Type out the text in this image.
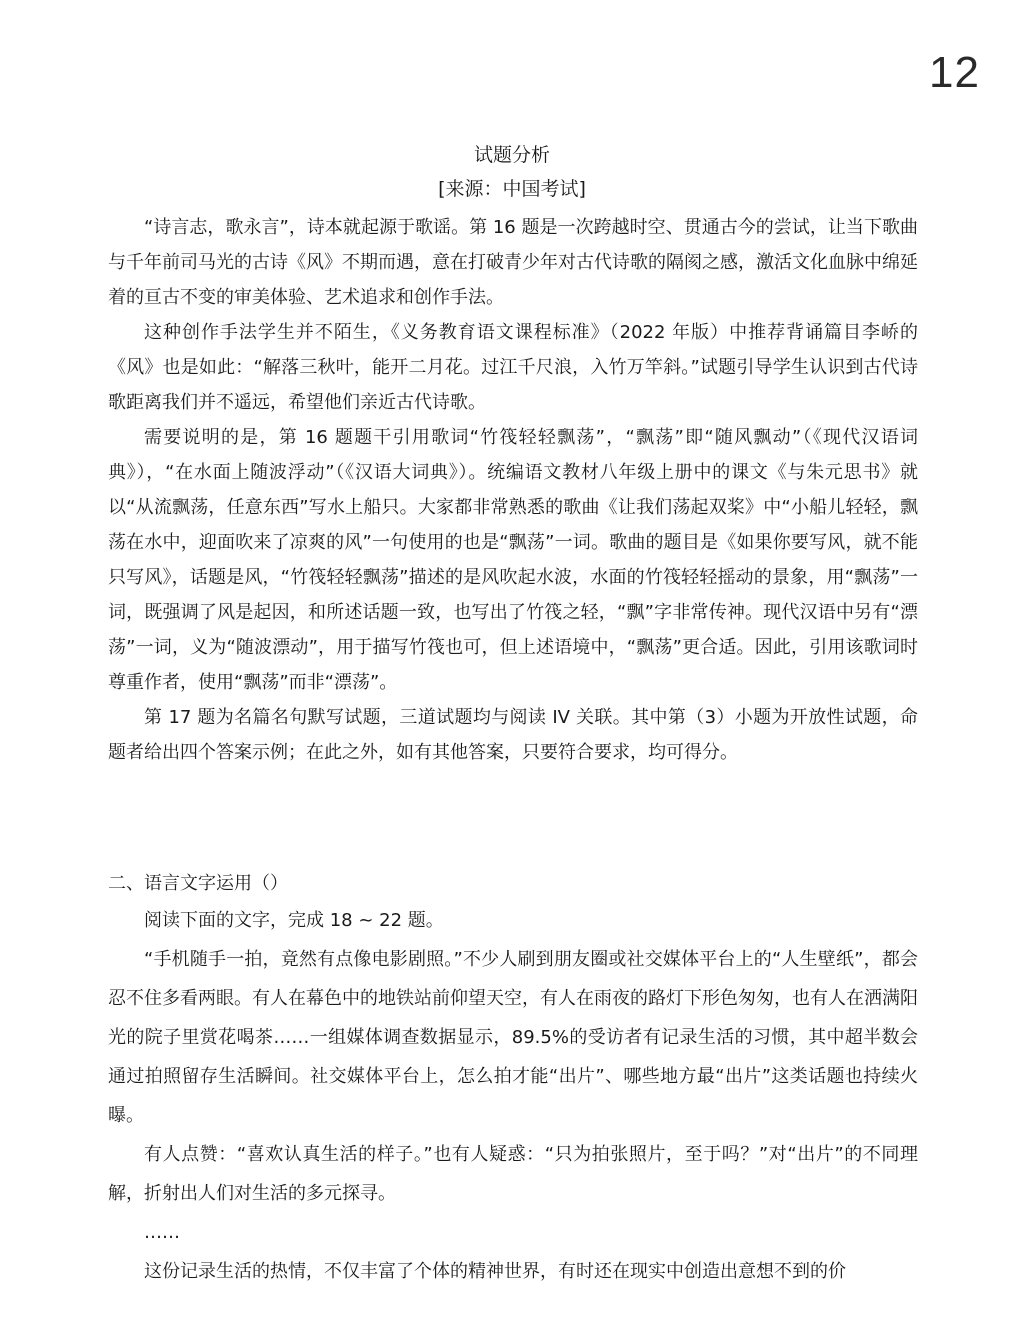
12
试题分析
[来源：中国考试]

“诗言志，歌永言”，诗本就起源于歌谣。第 16 题是一次跨越时空、贯通古今的尝试，让当下歌曲与千年前司马光的古诗《风》不期而遇，意在打破青少年对古代诗歌的隔阂之感，激活文化血脉中绵延着的亘古不变的审美体验、艺术追求和创作手法。

这种创作手法学生并不陌生，《义务教育语文课程标准》（2022 年版）中推荐背诵篇目李峤的《风》也是如此：“解落三秋叶，能开二月花。过江千尺浪，入竹万竿斜。”试题引导学生认识到古代诗歌距离我们并不遥远，希望他们亲近古代诗歌。

需要说明的是，第 16 题题干引用歌词“竹筏轻轻飘荡”，“飘荡”即“随风飘动”（《现代汉语词典》），“在水面上随波浮动”（《汉语大词典》）。统编语文教材八年级上册中的课文《与朱元思书》就以“从流飘荡，任意东西”写水上船只。大家都非常熟悉的歌曲《让我们荡起双桨》中“小船儿轻轻，飘荡在水中，迎面吹来了凉爽的风”一句使用的也是“飘荡”一词。歌曲的题目是《如果你要写风，就不能只写风》，话题是风，“竹筏轻轻飘荡”描述的是风吹起水波，水面的竹筏轻轻摇动的景象，用“飘荡”一词，既强调了风是起因，和所述话题一致，也写出了竹筏之轻，“飘”字非常传神。现代汉语中另有“漂荡”一词，义为“随波漂动”，用于描写竹筏也可，但上述语境中，“飘荡”更合适。因此，引用该歌词时尊重作者，使用“飘荡”而非“漂荡”。

第 17 题为名篇名句默写试题，三道试题均与阅读 IV 关联。其中第（3）小题为开放性试题，命题者给出四个答案示例；在此之外，如有其他答案，只要符合要求，均可得分。

二、语言文字运用（）

阅读下面的文字，完成 18 ~ 22 题。

“手机随手一拍，竟然有点像电影剧照。”不少人刷到朋友圈或社交媒体平台上的“人生壁纸”，都会忍不住多看两眼。有人在幕色中的地铁站前仰望天空，有人在雨夜的路灯下形色匆匆，也有人在洒满阳光的院子里赏花喝茶……一组媒体调查数据显示，89.5%的受访者有记录生活的习惯，其中超半数会通过拍照留存生活瞬间。社交媒体平台上，怎么拍才能“出片”、哪些地方最“出片”这类话题也持续火曝。

有人点赞：“喜欢认真生活的样子。”也有人疑惑：“只为拍张照片，至于吗？”对“出片”的不同理解，折射出人们对生活的多元探寻。

……

这份记录生活的热情，不仅丰富了个体的精神世界，有时还在现实中创造出意想不到的价
